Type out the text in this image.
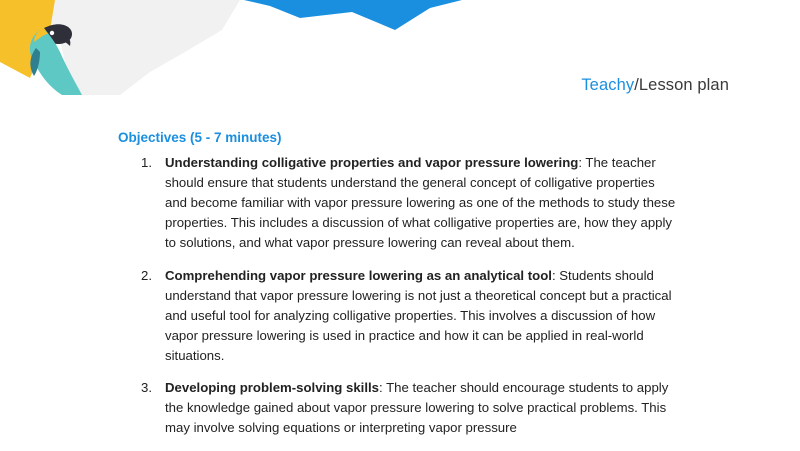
Teachy/Lesson plan
Objectives (5 - 7 minutes)
1. Understanding colligative properties and vapor pressure lowering: The teacher should ensure that students understand the general concept of colligative properties and become familiar with vapor pressure lowering as one of the methods to study these properties. This includes a discussion of what colligative properties are, how they apply to solutions, and what vapor pressure lowering can reveal about them.
2. Comprehending vapor pressure lowering as an analytical tool: Students should understand that vapor pressure lowering is not just a theoretical concept but a practical and useful tool for analyzing colligative properties. This involves a discussion of how vapor pressure lowering is used in practice and how it can be applied in real-world situations.
3. Developing problem-solving skills: The teacher should encourage students to apply the knowledge gained about vapor pressure lowering to solve practical problems. This may involve solving equations or interpreting vapor pressure
